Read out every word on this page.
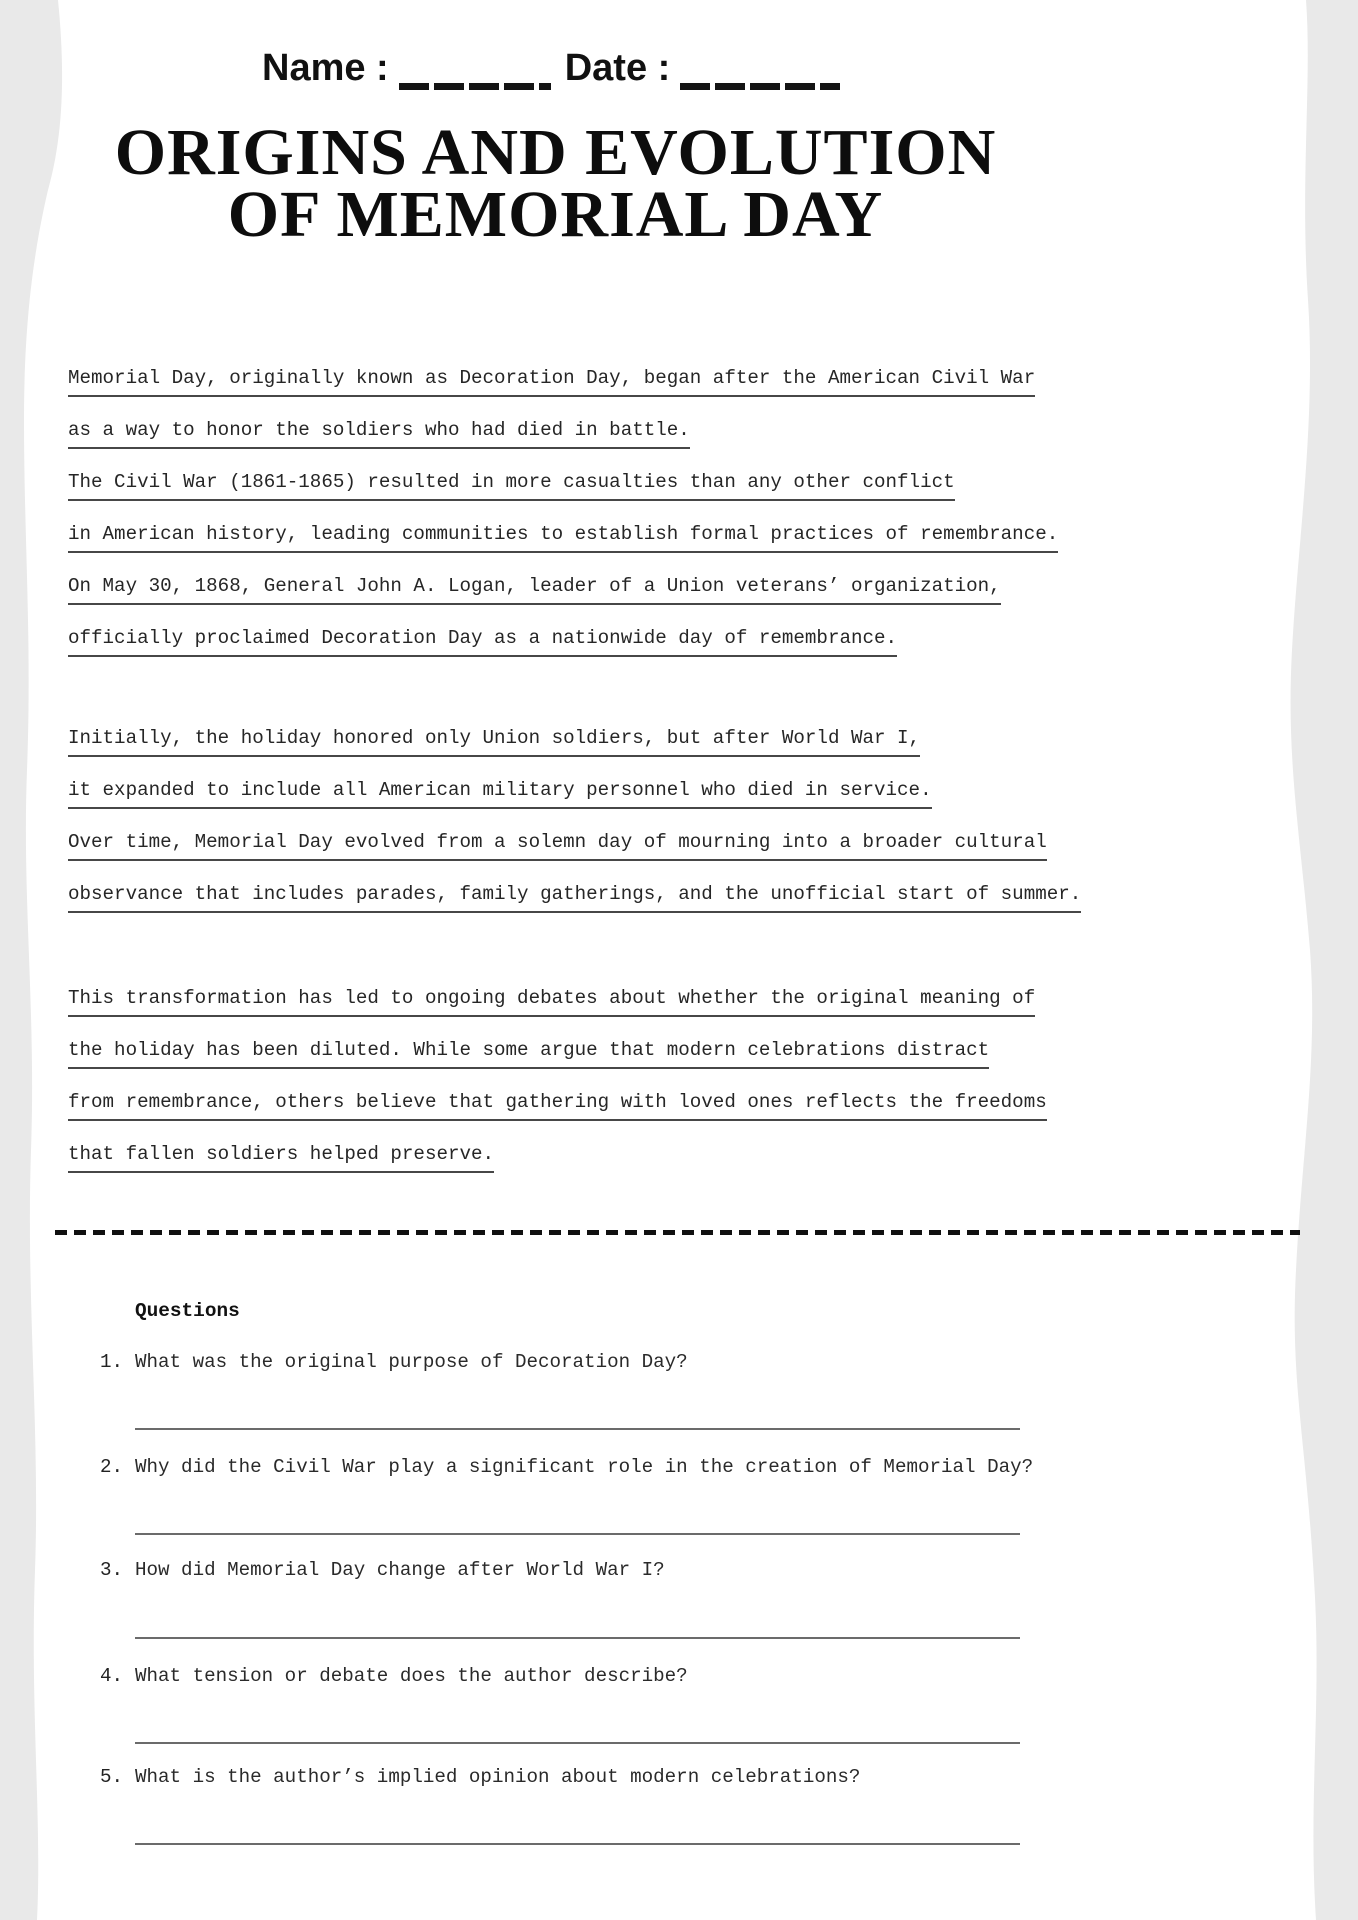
Name :	Date :
ORIGINS AND EVOLUTION
OF MEMORIAL DAY
Memorial Day, originally known as Decoration Day, began after the American Civil War
as a way to honor the soldiers who had died in battle.
The Civil War (1861-1865) resulted in more casualties than any other conflict
in American history, leading communities to establish formal practices of remembrance.
On May 30, 1868, General John A. Logan, leader of a Union veterans’ organization,
officially proclaimed Decoration Day as a nationwide day of remembrance.
Initially, the holiday honored only Union soldiers, but after World War I,
it expanded to include all American military personnel who died in service.
Over time, Memorial Day evolved from a solemn day of mourning into a broader cultural
observance that includes parades, family gatherings, and the unofficial start of summer.
This transformation has led to ongoing debates about whether the original meaning of
the holiday has been diluted. While some argue that modern celebrations distract
from remembrance, others believe that gathering with loved ones reflects the freedoms
that fallen soldiers helped preserve.
Questions
1. What was the original purpose of Decoration Day?
2. Why did the Civil War play a significant role in the creation of Memorial Day?
3. How did Memorial Day change after World War I?
4. What tension or debate does the author describe?
5. What is the author’s implied opinion about modern celebrations?
